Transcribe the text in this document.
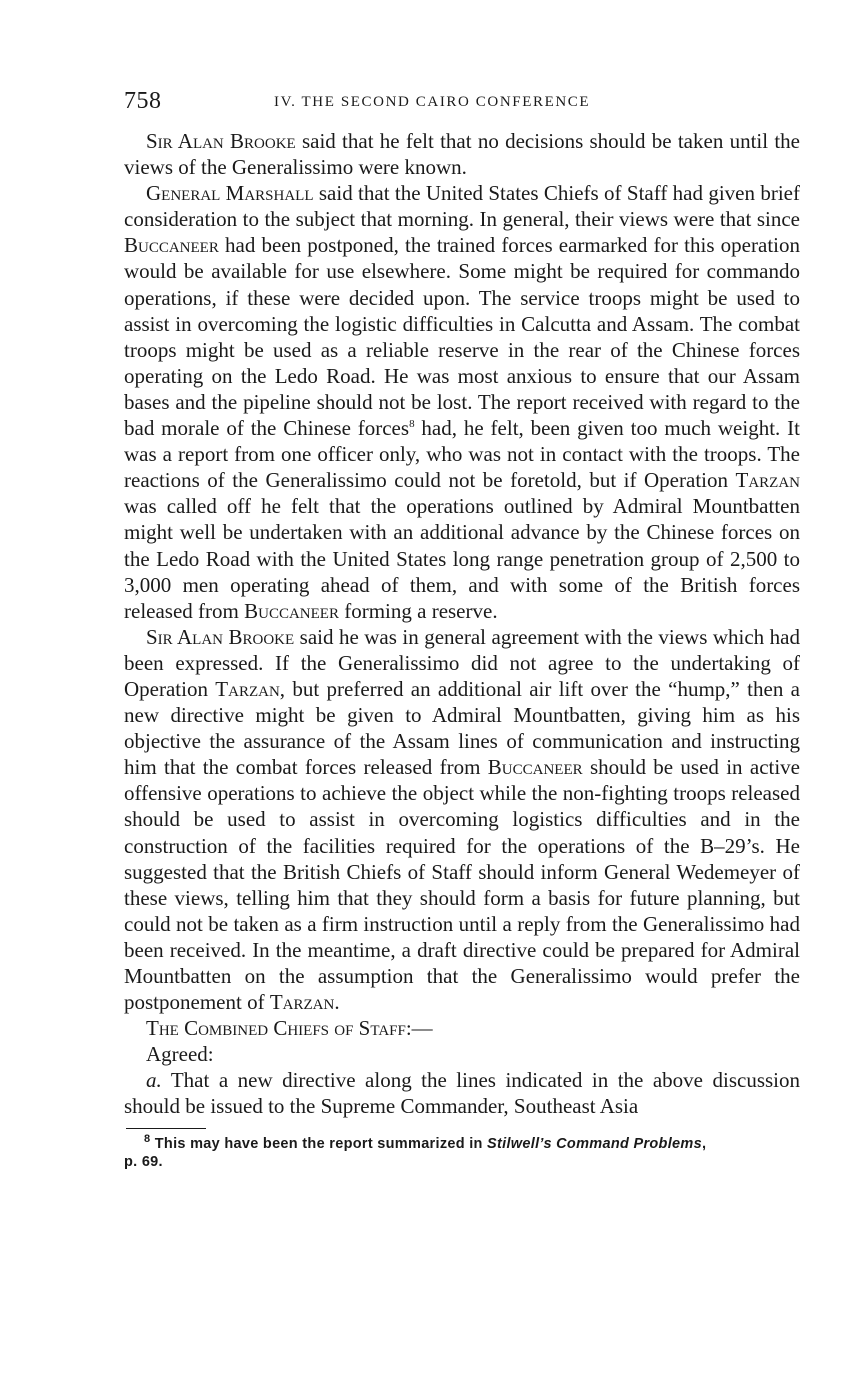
758	IV. THE SECOND CAIRO CONFERENCE

Sir Alan Brooke said that he felt that no decisions should be taken until the views of the Generalissimo were known.

General Marshall said that the United States Chiefs of Staff had given brief consideration to the subject that morning. In general, their views were that since Buccaneer had been postponed, the trained forces earmarked for this operation would be available for use elsewhere. Some might be required for commando operations, if these were decided upon. The service troops might be used to assist in overcoming the logistic difficulties in Calcutta and Assam. The combat troops might be used as a reliable reserve in the rear of the Chinese forces operating on the Ledo Road. He was most anxious to ensure that our Assam bases and the pipeline should not be lost. The report received with regard to the bad morale of the Chinese forces$^8$ had, he felt, been given too much weight. It was a report from one officer only, who was not in contact with the troops. The reactions of the Generalissimo could not be foretold, but if Operation Tarzan was called off he felt that the operations outlined by Admiral Mountbatten might well be undertaken with an additional advance by the Chinese forces on the Ledo Road with the United States long range penetration group of 2,500 to 3,000 men operating ahead of them, and with some of the British forces released from Buccaneer forming a reserve.

Sir Alan Brooke said he was in general agreement with the views which had been expressed. If the Generalissimo did not agree to the undertaking of Operation Tarzan, but preferred an additional air lift over the “hump,” then a new directive might be given to Admiral Mountbatten, giving him as his objective the assurance of the Assam lines of communication and instructing him that the combat forces released from Buccaneer should be used in active offensive operations to achieve the object while the non-fighting troops released should be used to assist in overcoming logistics difficulties and in the construction of the facilities required for the operations of the B–29’s. He suggested that the British Chiefs of Staff should inform General Wedemeyer of these views, telling him that they should form a basis for future planning, but could not be taken as a firm instruction until a reply from the Generalissimo had been received. In the meantime, a draft directive could be prepared for Admiral Mountbatten on the assumption that the Generalissimo would prefer the postponement of Tarzan.

The Combined Chiefs of Staff:—

Agreed:

a. That a new directive along the lines indicated in the above discussion should be issued to the Supreme Commander, Southeast Asia

$^8$ This may have been the report summarized in Stilwell’s Command Problems,
p. 69.
